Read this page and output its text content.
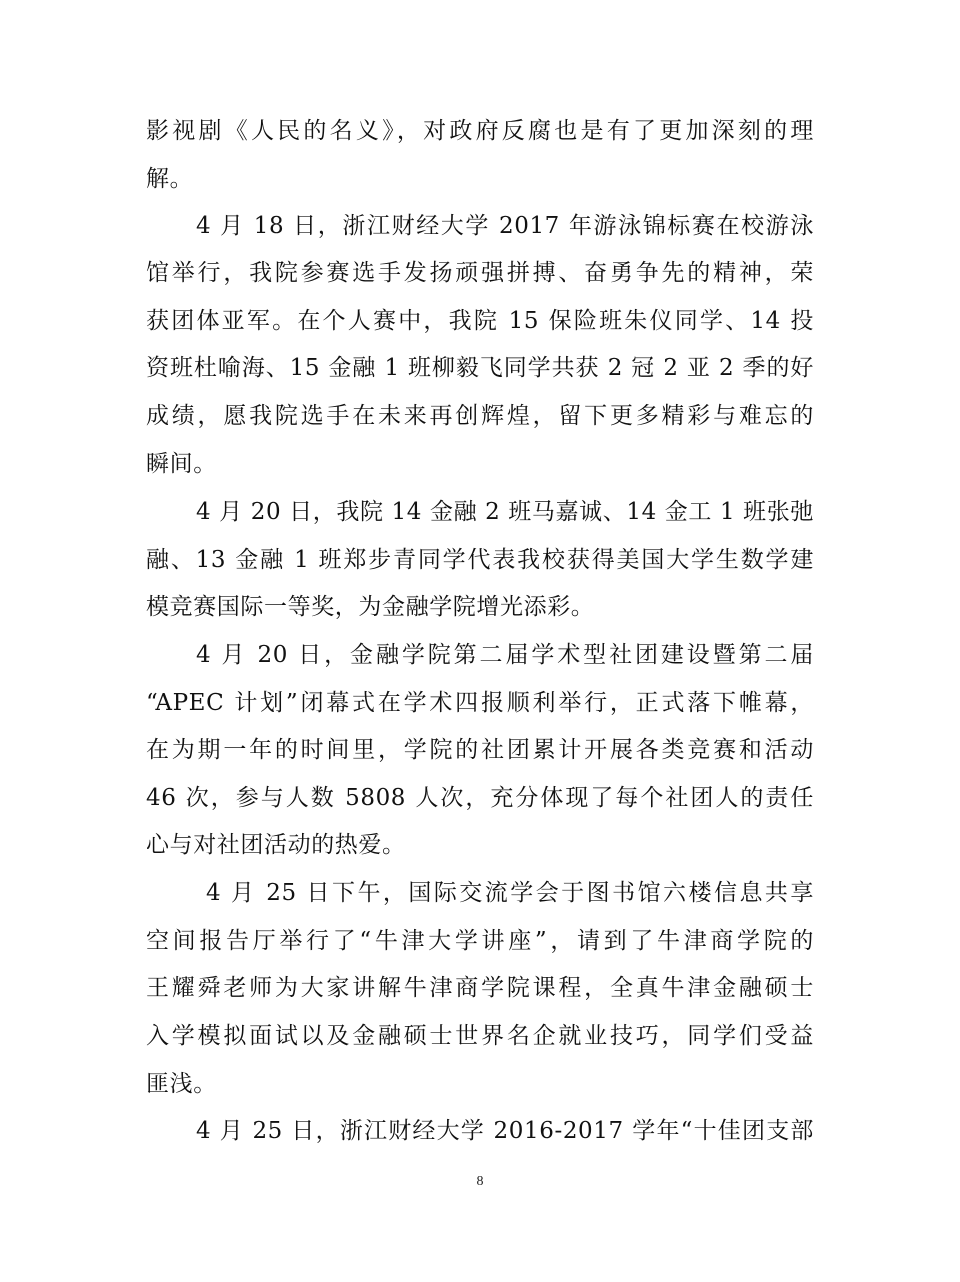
影视剧《人民的名义》，对政府反腐也是有了更加深刻的理
解。
4 月 18 日，浙江财经大学 2017 年游泳锦标赛在校游泳
馆举行，我院参赛选手发扬顽强拼搏、奋勇争先的精神，荣
获团体亚军。在个人赛中，我院 15 保险班朱仪同学、14 投
资班杜喻海、15 金融 1 班柳毅飞同学共获 2 冠 2 亚 2 季的好
成绩，愿我院选手在未来再创辉煌，留下更多精彩与难忘的
瞬间。
4 月 20 日，我院 14 金融 2 班马嘉诚、14 金工 1 班张弛
融、13 金融 1 班郑步青同学代表我校获得美国大学生数学建
模竞赛国际一等奖，为金融学院增光添彩。
4 月 20 日，金融学院第二届学术型社团建设暨第二届
“APEC 计划”闭幕式在学术四报顺利举行，正式落下帷幕，
在为期一年的时间里，学院的社团累计开展各类竞赛和活动
46 次，参与人数 5808 人次，充分体现了每个社团人的责任
心与对社团活动的热爱。
4 月 25 日下午，国际交流学会于图书馆六楼信息共享
空间报告厅举行了“牛津大学讲座”，请到了牛津商学院的
王耀舜老师为大家讲解牛津商学院课程，全真牛津金融硕士
入学模拟面试以及金融硕士世界名企就业技巧，同学们受益
匪浅。
4 月 25 日，浙江财经大学 2016-2017 学年“十佳团支部
8
